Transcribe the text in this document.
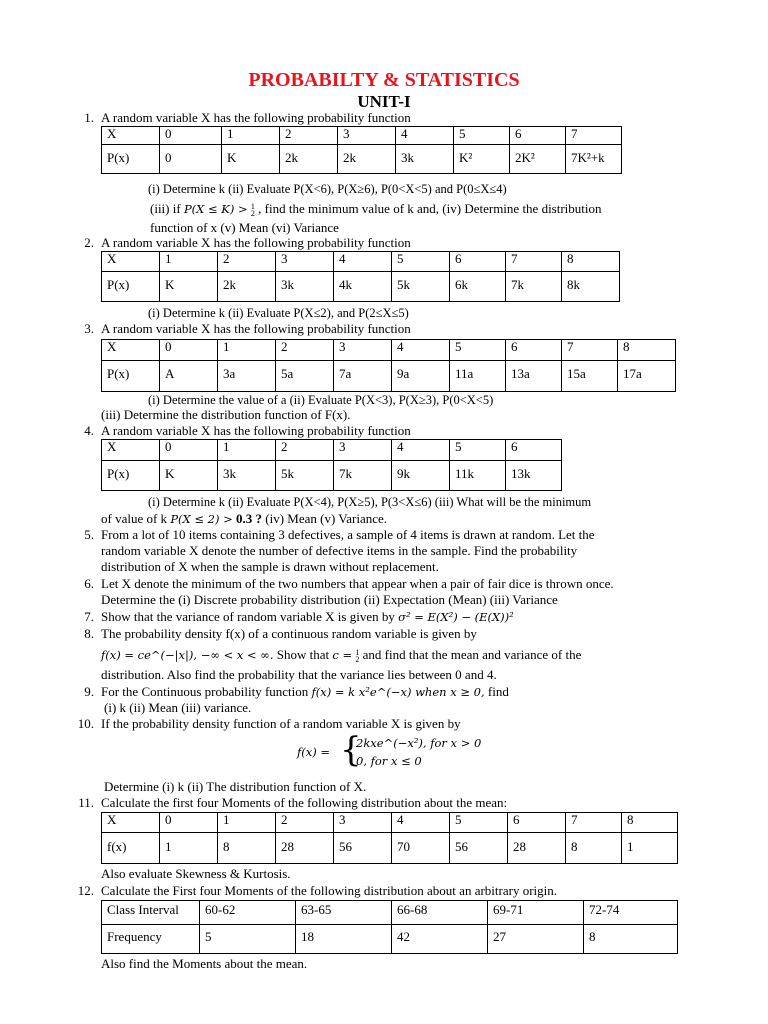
PROBABILTY & STATISTICS
UNIT-I
1. A random variable X has the following probability function
X	0	1	2	3	4	5	6	7
P(x)	0	K	2k	2k	3k	K²	2K²	7K²+k
(i) Determine k (ii) Evaluate P(X<6), P(X≥6), P(0<X<5) and P(0≤X≤4)
(iii) if P(X ≤ K) > 1
2 , find the minimum value of k and, (iv) Determine the distribution
function of x (v) Mean (vi) Variance
2. A random variable X has the following probability function
X	1	2	3	4	5	6	7	8
P(x)	K	2k	3k	4k	5k	6k	7k	8k
(i) Determine k (ii) Evaluate P(X≤2), and P(2≤X≤5)
3. A random variable X has the following probability function
X	0	1	2	3	4	5	6	7	8
P(x)	A	3a	5a	7a	9a	11a	13a	15a	17a
(i) Determine the value of a (ii) Evaluate P(X<3), P(X≥3), P(0<X<5)
(iii) Determine the distribution function of F(x).
4. A random variable X has the following probability function
X	0	1	2	3	4	5	6
P(x)	K	3k	5k	7k	9k	11k	13k
(i) Determine k (ii) Evaluate P(X<4), P(X≥5), P(3<X≤6) (iii) What will be the minimum
of value of k P(X ≤ 2) > 0.3 ? (iv) Mean (v) Variance.
5. From a lot of 10 items containing 3 defectives, a sample of 4 items is drawn at random. Let the
random variable X denote the number of defective items in the sample. Find the probability
distribution of X when the sample is drawn without replacement.
6. Let X denote the minimum of the two numbers that appear when a pair of fair dice is thrown once.
Determine the (i) Discrete probability distribution (ii) Expectation (Mean) (iii) Variance
7. Show that the variance of random variable X is given by σ² = E(X²) − (E(X))²
8. The probability density f(x) of a continuous random variable is given by
f(x) = ce^(−|x|), −∞ < x < ∞. Show that c = 1
2 and find that the mean and variance of the
distribution. Also find the probability that the variance lies between 0 and 4.
9. For the Continuous probability function f(x) = k x²e^(−x) when x ≥ 0, find
(i) k (ii) Mean (iii) variance.
10. If the probability density function of a random variable X is given by
f(x) = {
2kxe^(−x²), for x > 0
0, for x ≤ 0
Determine (i) k (ii) The distribution function of X.
11. Calculate the first four Moments of the following distribution about the mean:
X	0	1	2	3	4	5	6	7	8
f(x)	1	8	28	56	70	56	28	8	1
Also evaluate Skewness & Kurtosis.
12. Calculate the First four Moments of the following distribution about an arbitrary origin.
Class Interval	60-62	63-65	66-68	69-71	72-74
Frequency	5	18	42	27	8
Also find the Moments about the mean.
